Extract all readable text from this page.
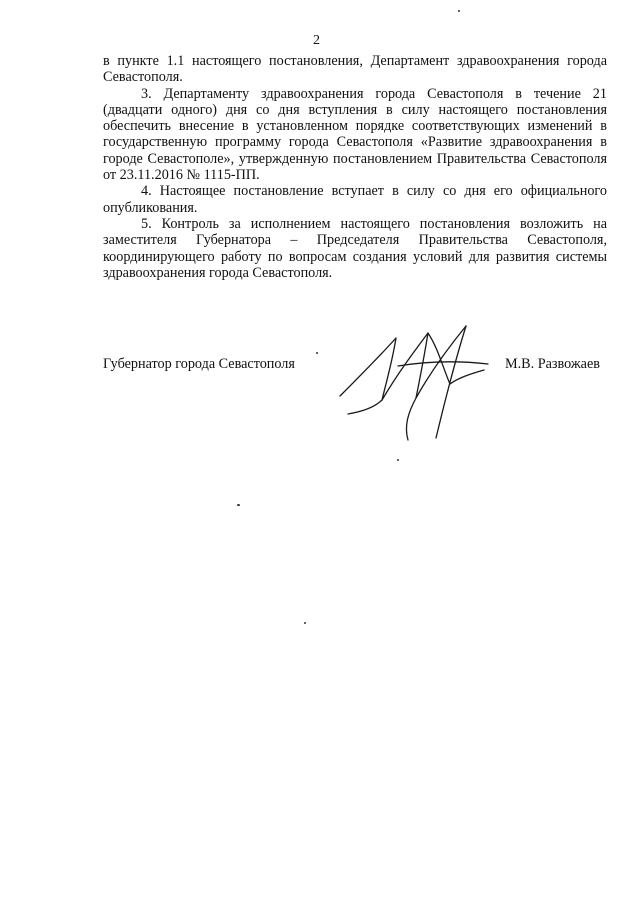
2

в пункте 1.1 настоящего постановления, Департамент здравоохранения города Севастополя.

3. Департаменту здравоохранения города Севастополя в течение 21 (двадцати одного) дня со дня вступления в силу настоящего постановления обеспечить внесение в установленном порядке соответствующих изменений в государственную программу города Севастополя «Развитие здравоохранения в городе Севастополе», утвержденную постановлением Правительства Севастополя от 23.11.2016 № 1115-ПП.

4. Настоящее постановление вступает в силу со дня его официального опубликования.

5. Контроль за исполнением настоящего постановления возложить на заместителя Губернатора – Председателя Правительства Севастополя, координирующего работу по вопросам создания условий для развития системы здравоохранения города Севастополя.

Губернатор города Севастополя	М.В. Развожаев
